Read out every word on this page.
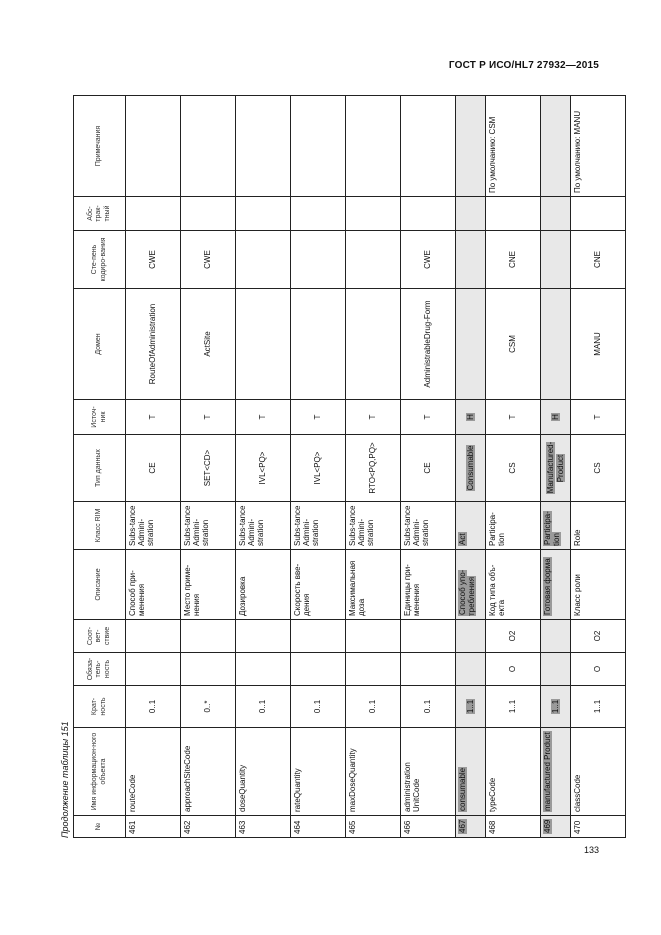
ГОСТ Р ИСО/HL7 27932—2015
Продолжение таблицы 151	№	Имя информацион-ного объекта	Крат-ность	Обяза-тель-ность	Соот-вет-ствие	Описание	Класс RIM	Тип данных	Источ-ник	Домен	Сте-пень кодиро-вания	Абс-трак-тный	Примечания
461	routeCode	0..1			Способ при-менения	Subs-tance Admini-stration	CE	T	RouteOfAdministration	CWE		
462	approachSiteCode	0..*			Место приме-нения	Subs-tance Admini-stration	SET<CD>	T	ActSite	CWE		
463	doseQuantity	0..1			Дозировка	Subs-tance Admini-stration	IVL<PQ>	T				
464	rateQuantity	0..1			Скорость вве-дения	Subs-tance Admini-stration	IVL<PQ>	T				
465	maxDoseQuantity	0..1			Максимальная доза	Subs-tance Admini-stration	RTO<PQ,PQ>	T				
466	administration UnitCode	0..1			Единицы при-менения	Subs-tance Admini-stration	CE	T	AdministrableDrug-Form	CWE		
467	consumable	1..1			Способ упо-требления	Act	Consumable	H				
468	typeCode	1..1	O	O2	Код типа объ-екта	Participa-tion	CS	T	CSM	CNE		По умолчанию: CSM
469	manufactured Product	1..1			Готовая форма	Participa-tion	Manufactured-Product	H				
470	classCode	1..1	O	O2	Класс роли	Role	CS	T	MANU	CNE		По умолчанию: MANU
133
